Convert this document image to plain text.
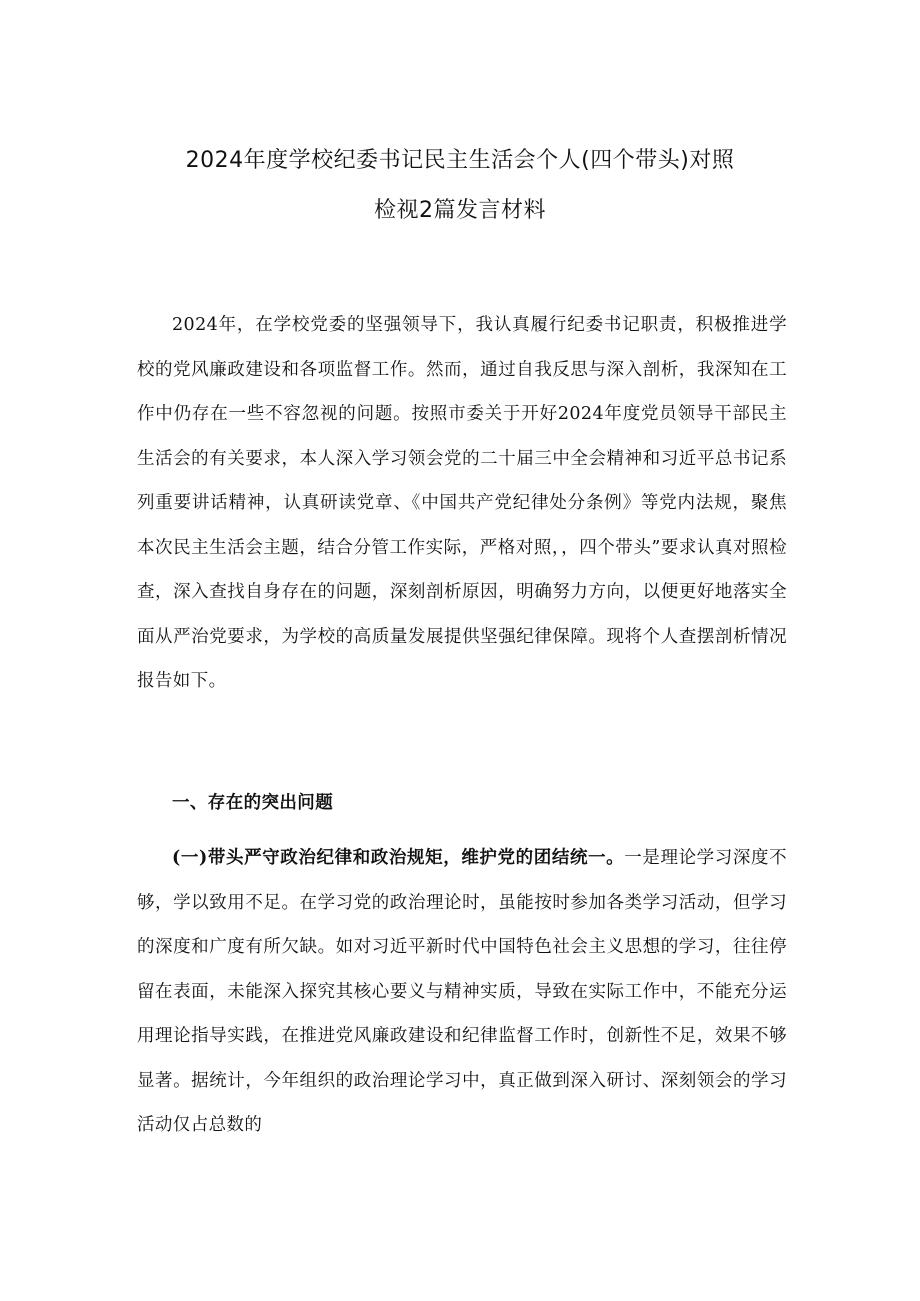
2024年度学校纪委书记民主生活会个人(四个带头)对照
检视2篇发言材料
2024年，在学校党委的坚强领导下，我认真履行纪委书记职责，积极推进学校的党风廉政建设和各项监督工作。然而，通过自我反思与深入剖析，我深知在工作中仍存在一些不容忽视的问题。按照市委关于开好2024年度党员领导干部民主生活会的有关要求，本人深入学习领会党的二十届三中全会精神和习近平总书记系列重要讲话精神，认真研读党章、《中国共产党纪律处分条例》等党内法规，聚焦本次民主生活会主题，结合分管工作实际，严格对照，，四个带头”要求认真对照检查，深入查找自身存在的问题，深刻剖析原因，明确努力方向，以便更好地落实全面从严治党要求，为学校的高质量发展提供坚强纪律保障。现将个人查摆剖析情况报告如下。
一、存在的突出问题
(一)带头严守政治纪律和政治规矩，维护党的团结统一。一是理论学习深度不够，学以致用不足。在学习党的政治理论时，虽能按时参加各类学习活动，但学习的深度和广度有所欠缺。如对习近平新时代中国特色社会主义思想的学习，往往停留在表面，未能深入探究其核心要义与精神实质，导致在实际工作中，不能充分运用理论指导实践，在推进党风廉政建设和纪律监督工作时，创新性不足，效果不够显著。据统计，今年组织的政治理论学习中，真正做到深入研讨、深刻领会的学习活动仅占总数的
